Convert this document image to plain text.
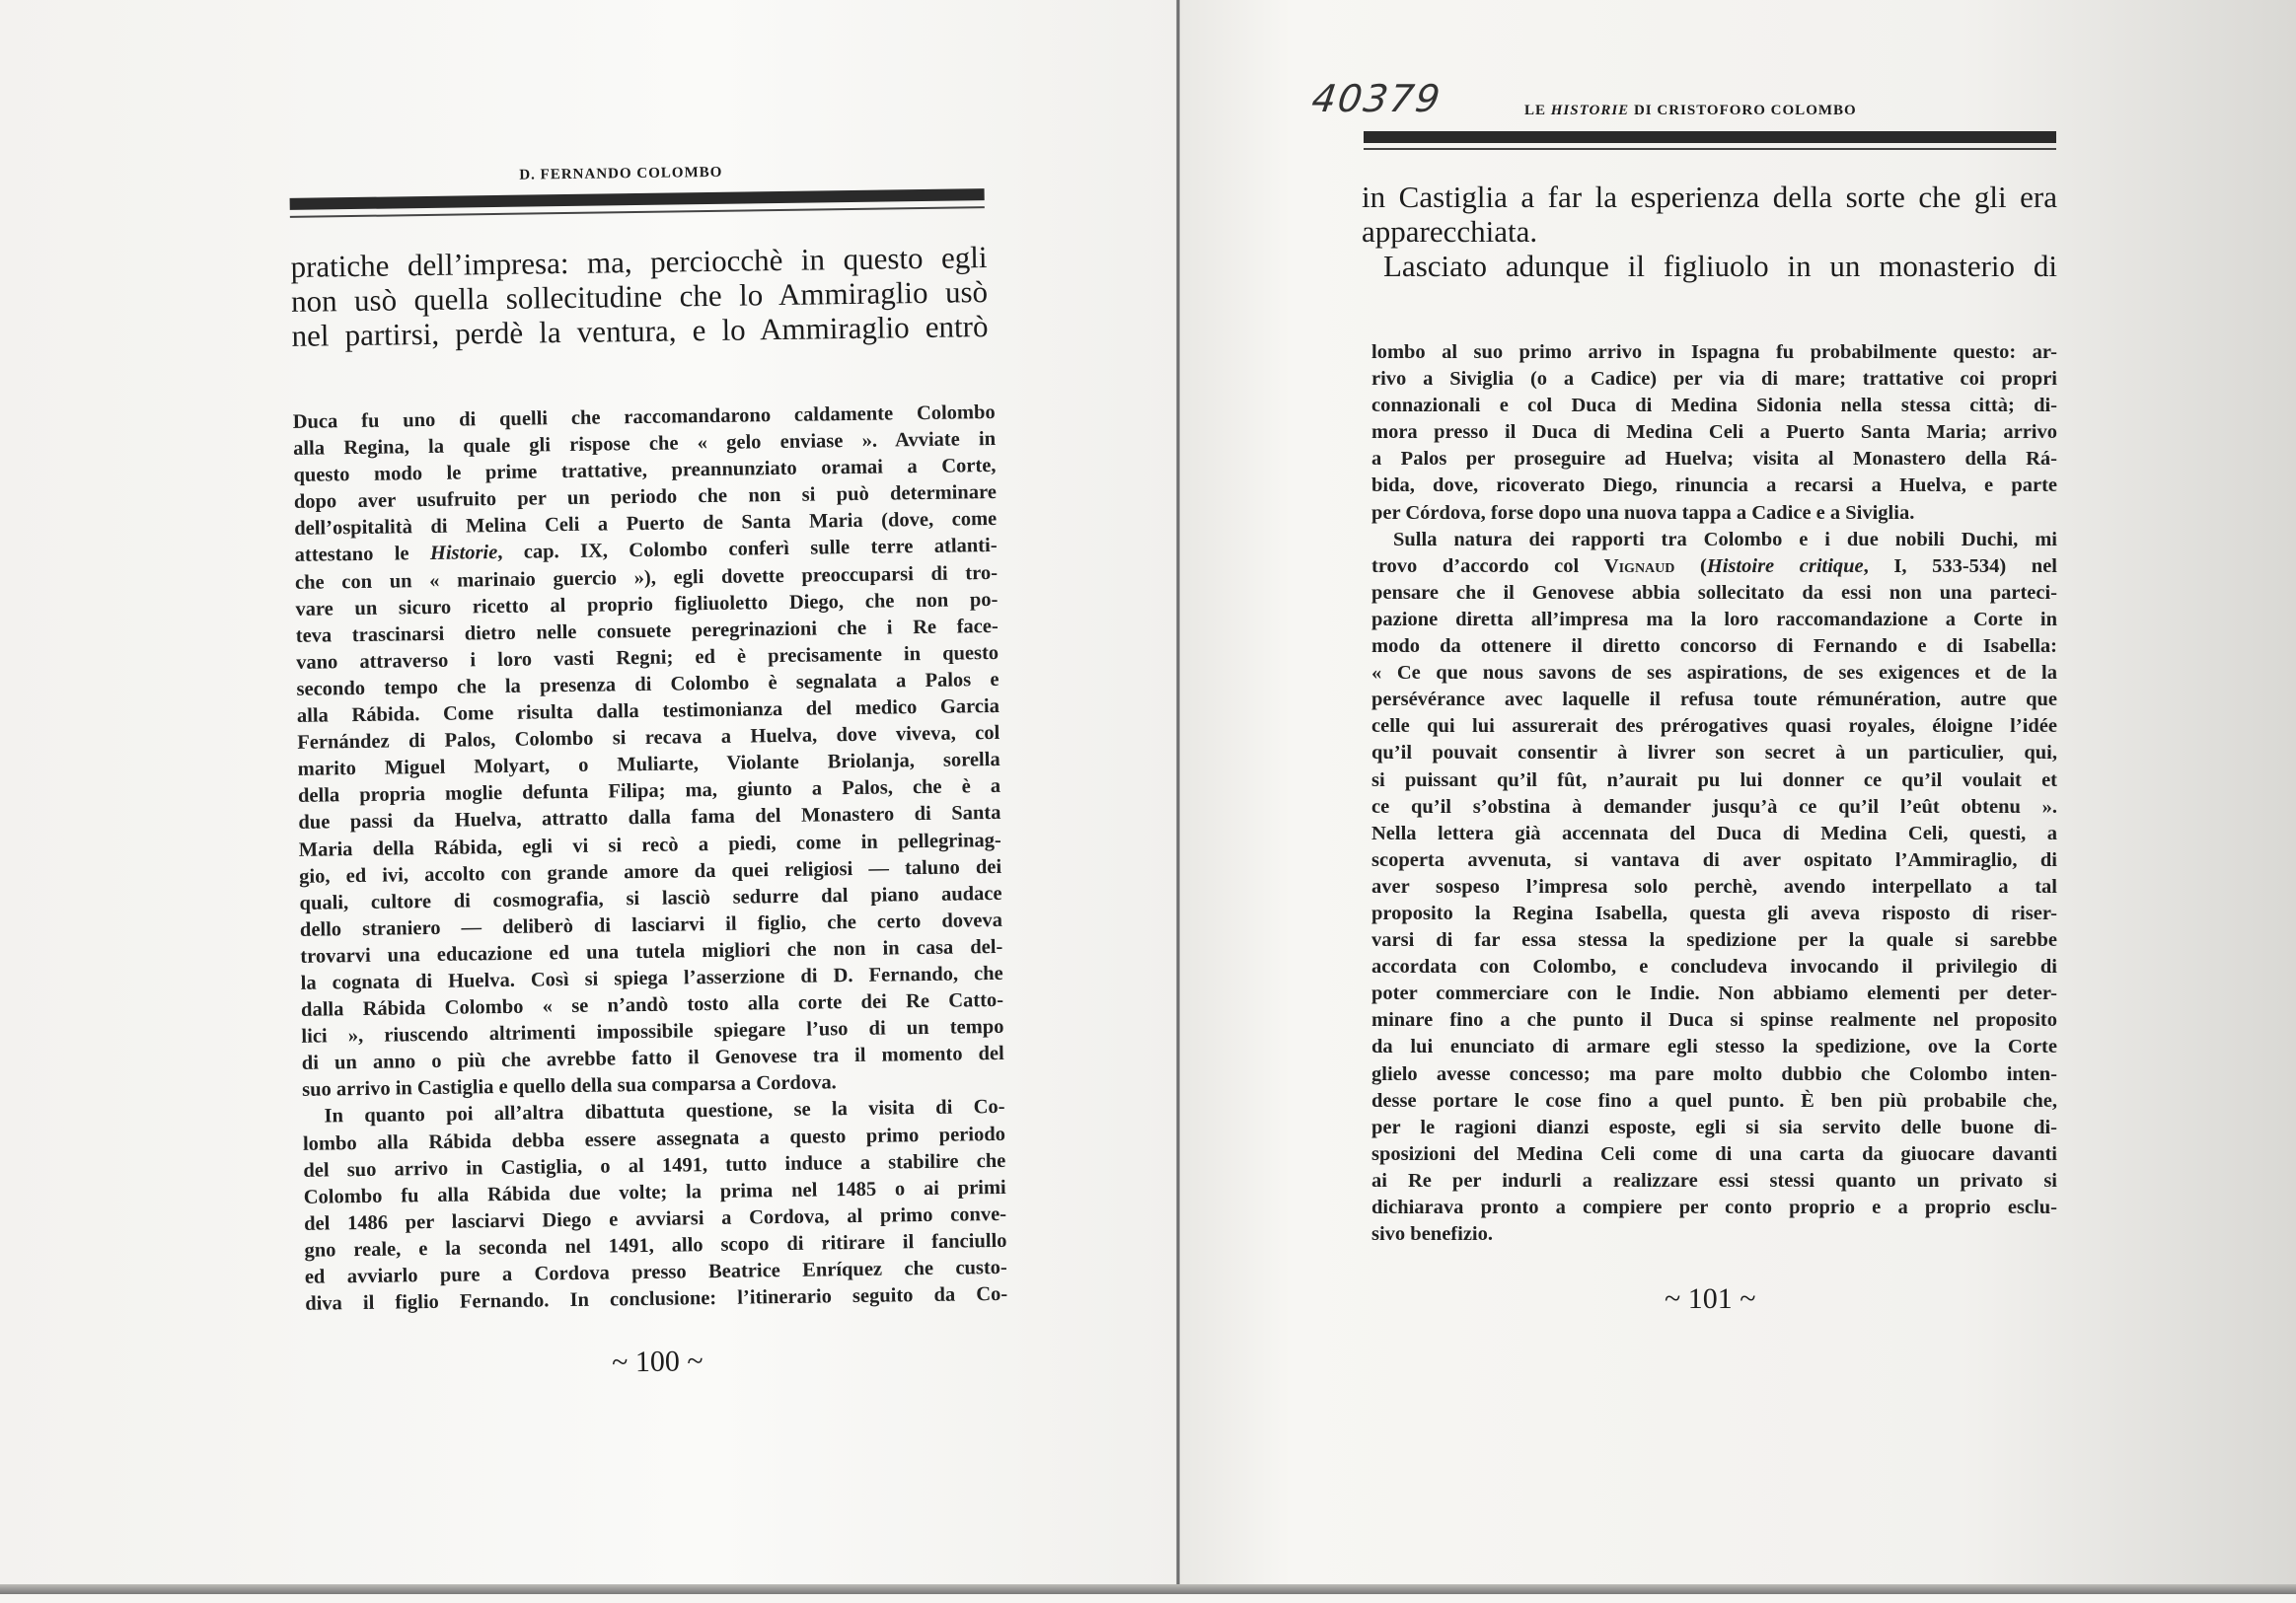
D. FERNANDO COLOMBO
pratiche dell’impresa: ma, perciocchè in questo egli
non usò quella sollecitudine che lo Ammiraglio usò
nel partirsi, perdè la ventura, e lo Ammiraglio entrò
Duca fu uno di quelli che raccomandarono caldamente Colombo
alla Regina, la quale gli rispose che « gelo enviase ». Avviate in
questo modo le prime trattative, preannunziato oramai a Corte,
dopo aver usufruito per un periodo che non si può determinare
dell’ospitalità di Melina Celi a Puerto de Santa Maria (dove, come
attestano le Historie, cap. IX, Colombo conferì sulle terre atlanti-
che con un « marinaio guercio »), egli dovette preoccuparsi di tro-
vare un sicuro ricetto al proprio figliuoletto Diego, che non po-
teva trascinarsi dietro nelle consuete peregrinazioni che i Re face-
vano attraverso i loro vasti Regni; ed è precisamente in questo
secondo tempo che la presenza di Colombo è segnalata a Palos e
alla Rábida. Come risulta dalla testimonianza del medico Garcia
Fernández di Palos, Colombo si recava a Huelva, dove viveva, col
marito Miguel Molyart, o Muliarte, Violante Briolanja, sorella
della propria moglie defunta Filipa; ma, giunto a Palos, che è a
due passi da Huelva, attratto dalla fama del Monastero di Santa
Maria della Rábida, egli vi si recò a piedi, come in pellegrinag-
gio, ed ivi, accolto con grande amore da quei religiosi — taluno dei
quali, cultore di cosmografia, si lasciò sedurre dal piano audace
dello straniero — deliberò di lasciarvi il figlio, che certo doveva
trovarvi una educazione ed una tutela migliori che non in casa del-
la cognata di Huelva. Così si spiega l’asserzione di D. Fernando, che
dalla Rábida Colombo « se n’andò tosto alla corte dei Re Catto-
lici », riuscendo altrimenti impossibile spiegare l’uso di un tempo
di un anno o più che avrebbe fatto il Genovese tra il momento del
suo arrivo in Castiglia e quello della sua comparsa a Cordova.
In quanto poi all’altra dibattuta questione, se la visita di Co-
lombo alla Rábida debba essere assegnata a questo primo periodo
del suo arrivo in Castiglia, o al 1491, tutto induce a stabilire che
Colombo fu alla Rábida due volte; la prima nel 1485 o ai primi
del 1486 per lasciarvi Diego e avviarsi a Cordova, al primo conve-
gno reale, e la seconda nel 1491, allo scopo di ritirare il fanciullo
ed avviarlo pure a Cordova presso Beatrice Enríquez che custo-
diva il figlio Fernando. In conclusione: l’itinerario seguito da Co-
~ 100 ~
40379	LE HISTORIE DI CRISTOFORO COLOMBO
in Castiglia a far la esperienza della sorte che gli era
apparecchiata.
Lasciato adunque il figliuolo in un monasterio di
lombo al suo primo arrivo in Ispagna fu probabilmente questo: ar-
rivo a Siviglia (o a Cadice) per via di mare; trattative coi propri
connazionali e col Duca di Medina Sidonia nella stessa città; di-
mora presso il Duca di Medina Celi a Puerto Santa Maria; arrivo
a Palos per proseguire ad Huelva; visita al Monastero della Rá-
bida, dove, ricoverato Diego, rinuncia a recarsi a Huelva, e parte
per Córdova, forse dopo una nuova tappa a Cadice e a Siviglia.
Sulla natura dei rapporti tra Colombo e i due nobili Duchi, mi
trovo d’accordo col Vignaud (Histoire critique, I, 533-534) nel
pensare che il Genovese abbia sollecitato da essi non una parteci-
pazione diretta all’impresa ma la loro raccomandazione a Corte in
modo da ottenere il diretto concorso di Fernando e di Isabella:
« Ce que nous savons de ses aspirations, de ses exigences et de la
persévérance avec laquelle il refusa toute rémunération, autre que
celle qui lui assurerait des prérogatives quasi royales, éloigne l’idée
qu’il pouvait consentir à livrer son secret à un particulier, qui,
si puissant qu’il fût, n’aurait pu lui donner ce qu’il voulait et
ce qu’il s’obstina à demander jusqu’à ce qu’il l’eût obtenu ».
Nella lettera già accennata del Duca di Medina Celi, questi, a
scoperta avvenuta, si vantava di aver ospitato l’Ammiraglio, di
aver sospeso l’impresa solo perchè, avendo interpellato a tal
proposito la Regina Isabella, questa gli aveva risposto di riser-
varsi di far essa stessa la spedizione per la quale si sarebbe
accordata con Colombo, e concludeva invocando il privilegio di
poter commerciare con le Indie. Non abbiamo elementi per deter-
minare fino a che punto il Duca si spinse realmente nel proposito
da lui enunciato di armare egli stesso la spedizione, ove la Corte
glielo avesse concesso; ma pare molto dubbio che Colombo inten-
desse portare le cose fino a quel punto. È ben più probabile che,
per le ragioni dianzi esposte, egli si sia servito delle buone di-
sposizioni del Medina Celi come di una carta da giuocare davanti
ai Re per indurli a realizzare essi stessi quanto un privato si
dichiarava pronto a compiere per conto proprio e a proprio esclu-
sivo benefizio.
~ 101 ~
